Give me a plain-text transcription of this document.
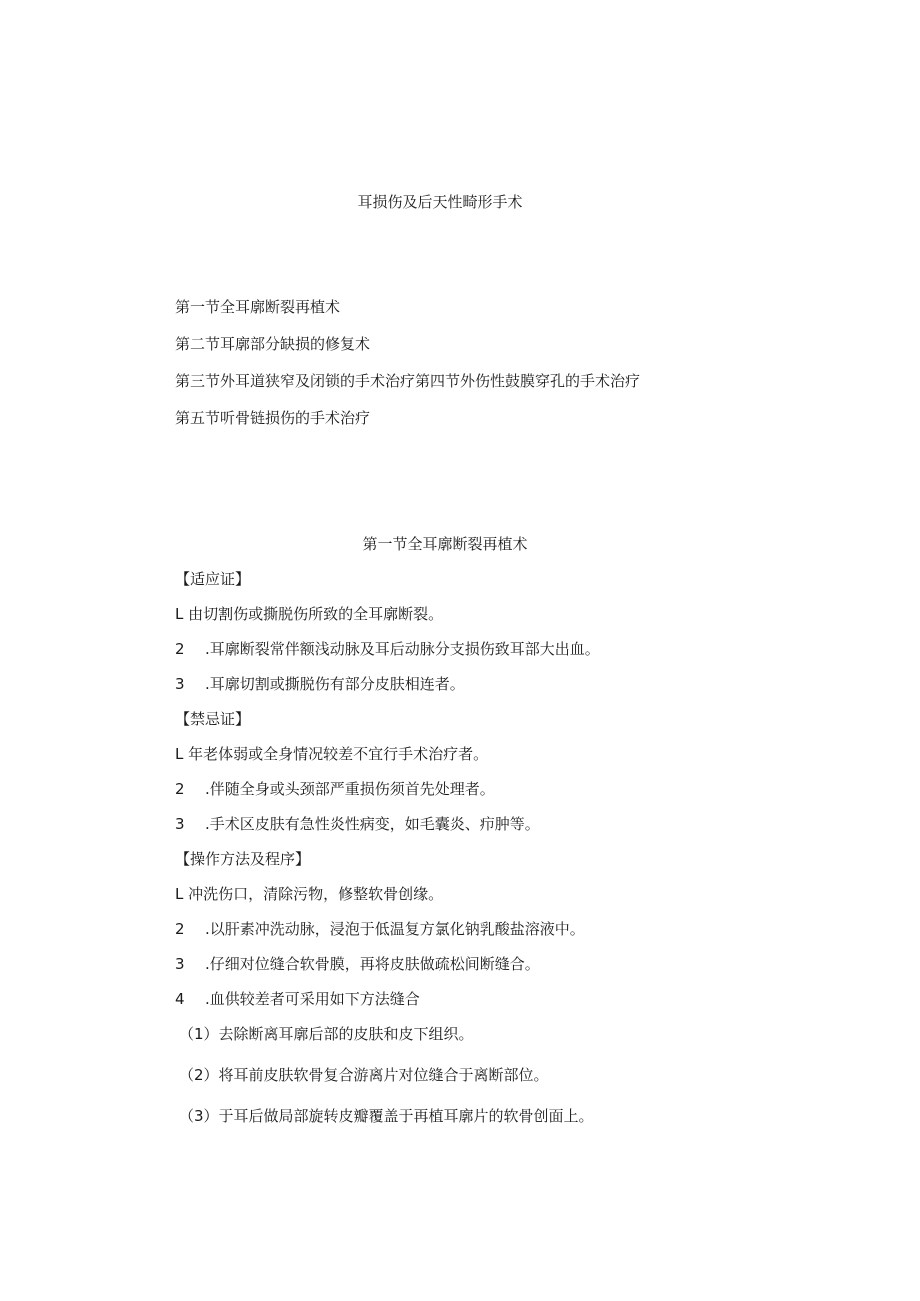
耳损伤及后天性畸形手术
第一节全耳廓断裂再植术
第二节耳廓部分缺损的修复术
第三节外耳道狭窄及闭锁的手术治疗第四节外伤性鼓膜穿孔的手术治疗
第五节听骨链损伤的手术治疗
第一节全耳廓断裂再植术
【适应证】
L 由切割伤或撕脱伤所致的全耳廓断裂。
2 .耳廓断裂常伴额浅动脉及耳后动脉分支损伤致耳部大出血。
3 .耳廓切割或撕脱伤有部分皮肤相连者。
【禁忌证】
L 年老体弱或全身情况较差不宜行手术治疗者。
2 .伴随全身或头颈部严重损伤须首先处理者。
3 .手术区皮肤有急性炎性病变，如毛囊炎、疖肿等。
【操作方法及程序】
L 冲洗伤口，清除污物，修整软骨创缘。
2 .以肝素冲洗动脉，浸泡于低温复方氯化钠乳酸盐溶液中。
3 .仔细对位缝合软骨膜，再将皮肤做疏松间断缝合。
4 .血供较差者可采用如下方法缝合
（1）去除断离耳廓后部的皮肤和皮下组织。
（2）将耳前皮肤软骨复合游离片对位缝合于离断部位。
（3）于耳后做局部旋转皮瓣覆盖于再植耳廓片的软骨创面上。
